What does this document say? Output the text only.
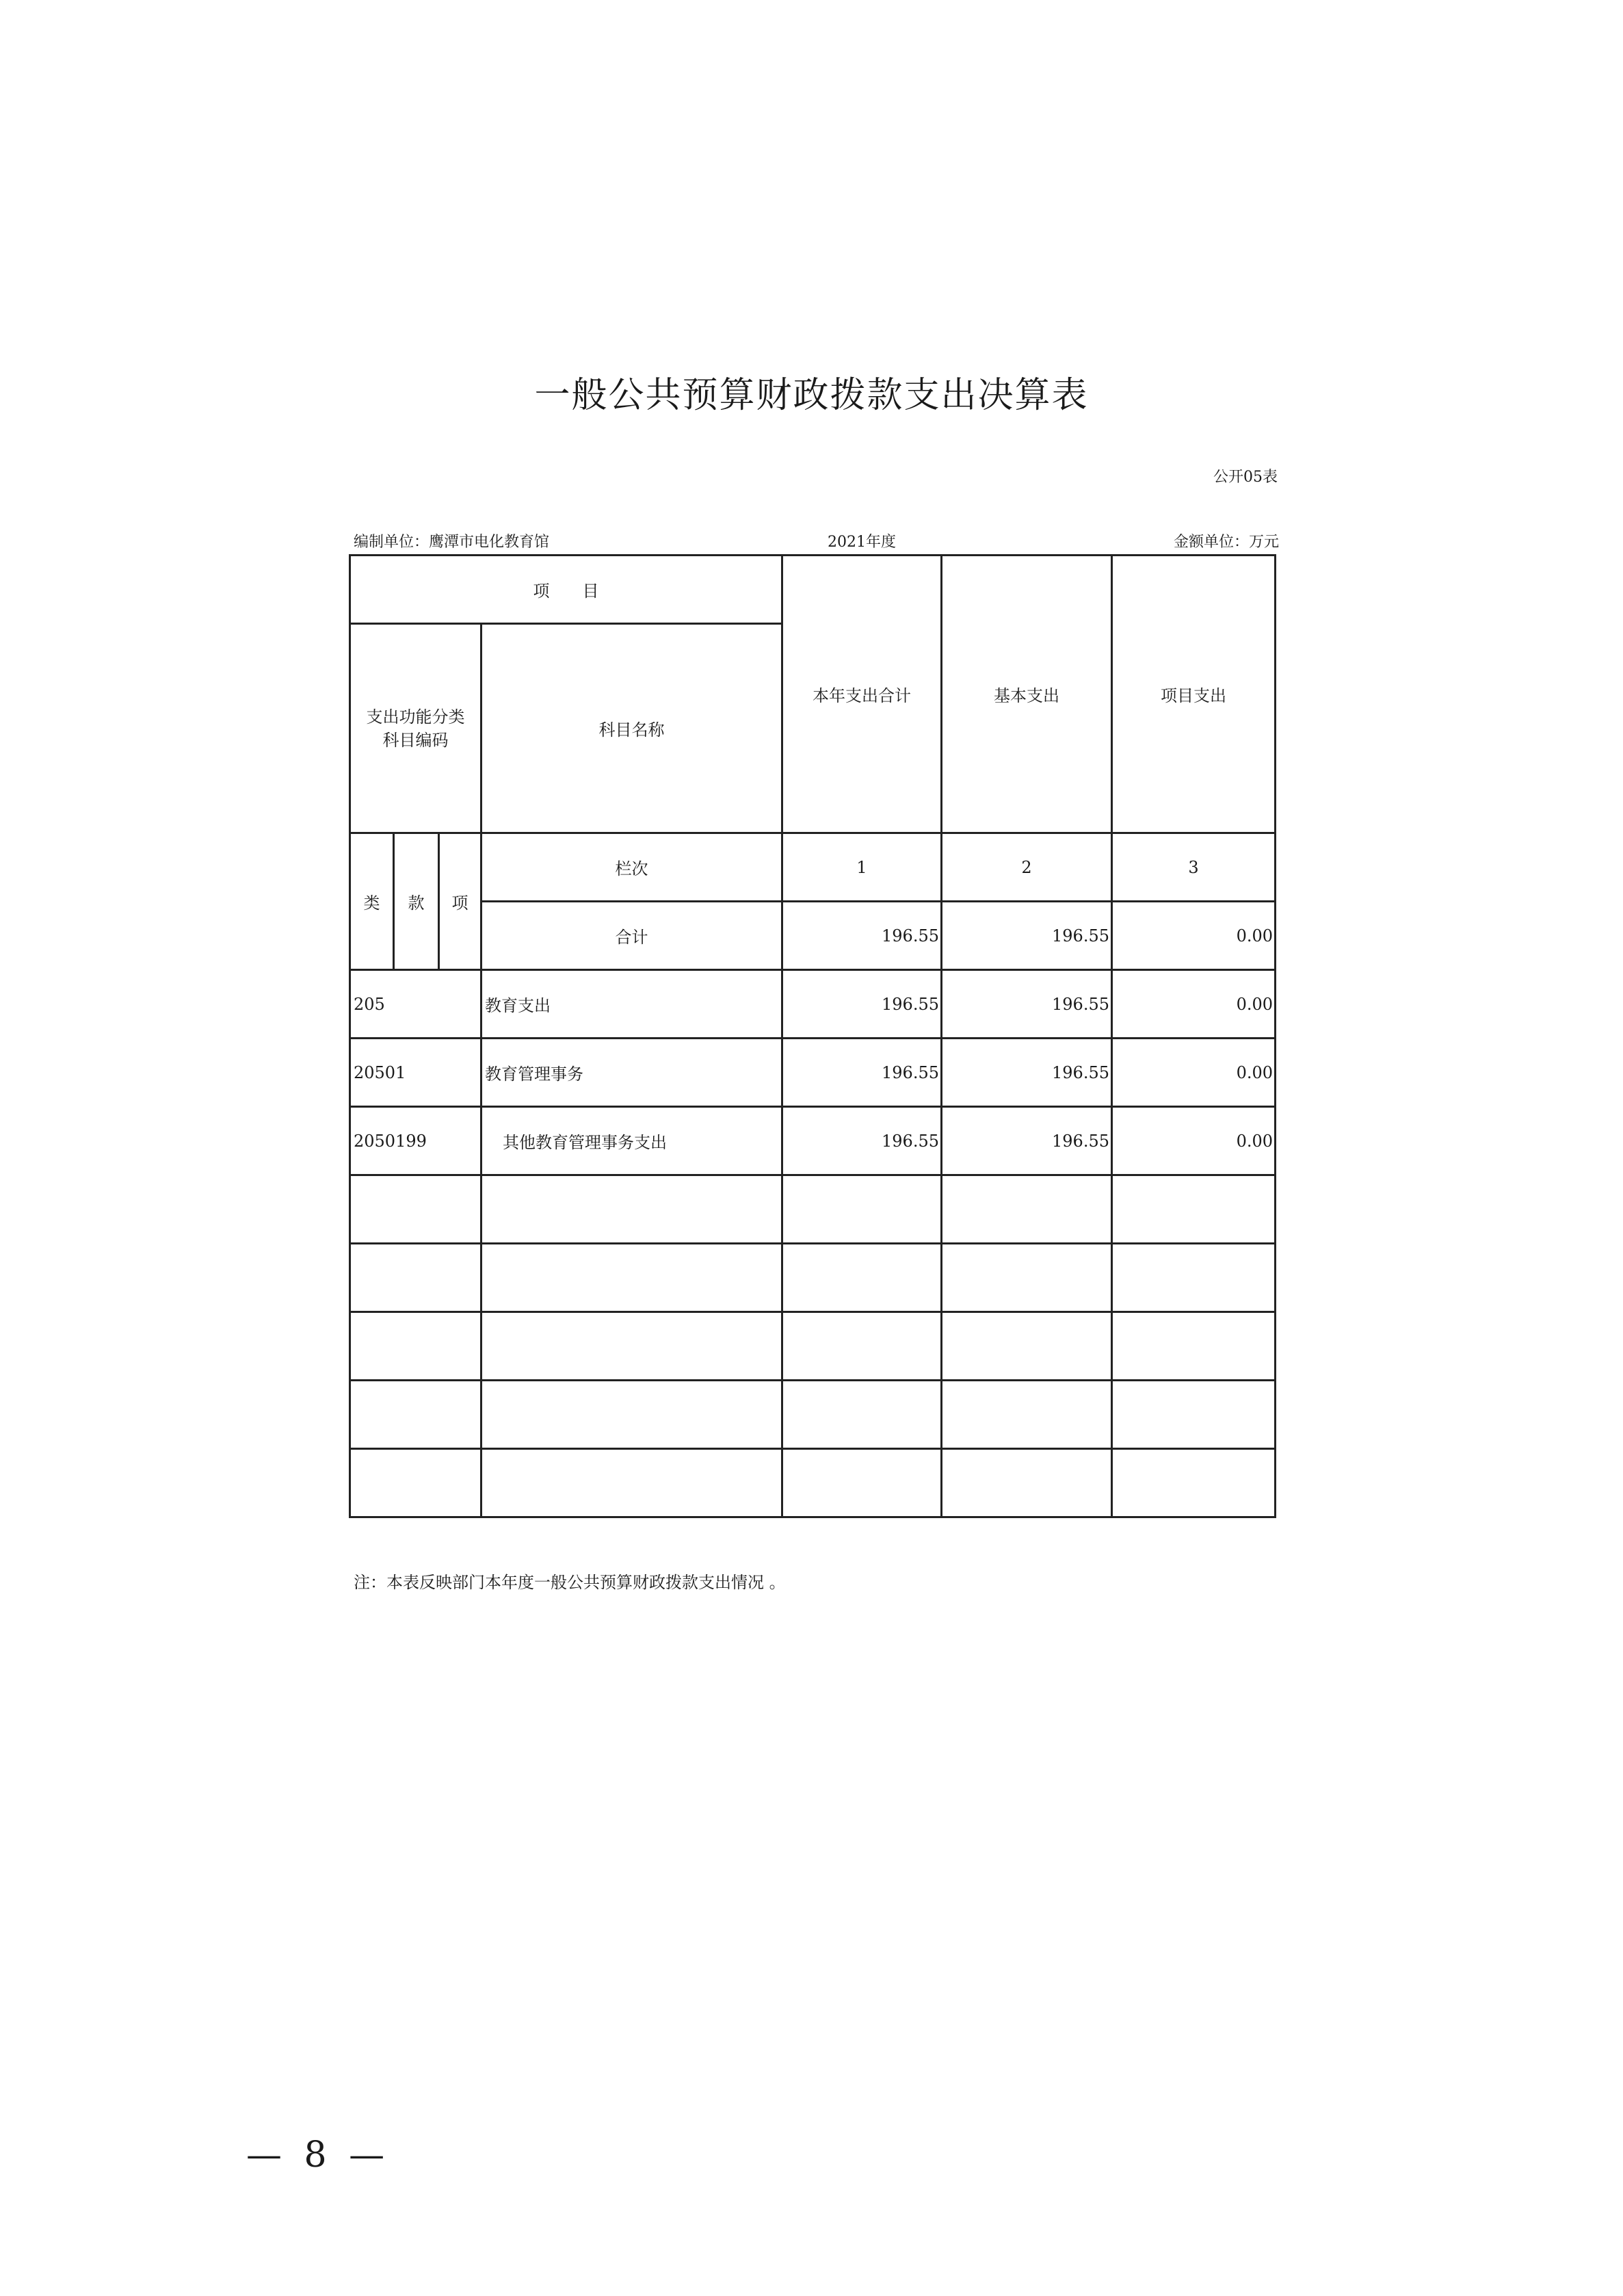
一般公共预算财政拨款支出决算表
公开05表
编制单位：鹰潭市电化教育馆	2021年度	金额单位：万元
项　　目				本年支出合计	基本支出	项目支出
支出功能分类
科目编码			科目名称			
类	款	项	栏次	1	2	3
			合计	196.55	196.55	0.00
205			教育支出	196.55	196.55	0.00
20501			教育管理事务	196.55	196.55	0.00
2050199			其他教育管理事务支出	196.55	196.55	0.00

注：本表反映部门本年度一般公共预算财政拨款支出情况 。
— 8 —
